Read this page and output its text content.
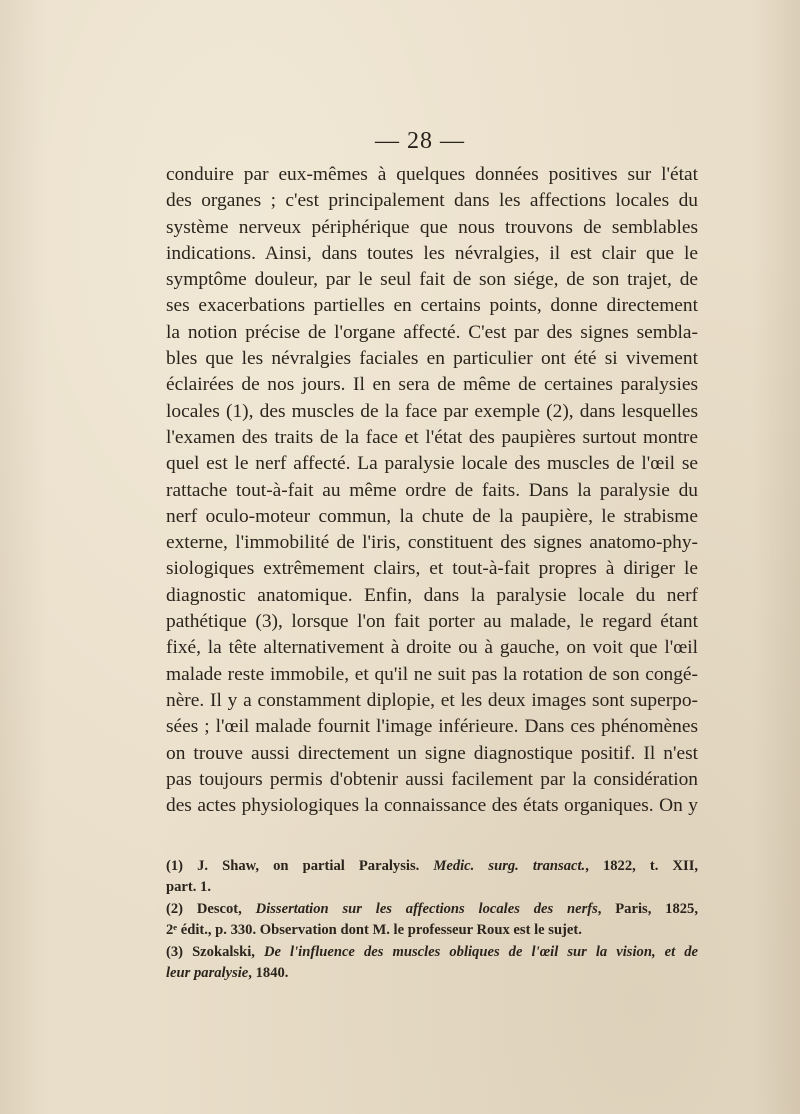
— 28 —
conduire par eux-mêmes à quelques données positives sur l'état
des organes ; c'est principalement dans les affections locales du
système nerveux périphérique que nous trouvons de semblables
indications. Ainsi, dans toutes les névralgies, il est clair que le
symptôme douleur, par le seul fait de son siége, de son trajet, de
ses exacerbations partielles en certains points, donne directement
la notion précise de l'organe affecté. C'est par des signes sembla-
bles que les névralgies faciales en particulier ont été si vivement
éclairées de nos jours. Il en sera de même de certaines paralysies
locales (1), des muscles de la face par exemple (2), dans lesquelles
l'examen des traits de la face et l'état des paupières surtout montre
quel est le nerf affecté. La paralysie locale des muscles de l'œil se
rattache tout-à-fait au même ordre de faits. Dans la paralysie du
nerf oculo-moteur commun, la chute de la paupière, le strabisme
externe, l'immobilité de l'iris, constituent des signes anatomo-phy-
siologiques extrêmement clairs, et tout-à-fait propres à diriger le
diagnostic anatomique. Enfin, dans la paralysie locale du nerf
pathétique (3), lorsque l'on fait porter au malade, le regard étant
fixé, la tête alternativement à droite ou à gauche, on voit que l'œil
malade reste immobile, et qu'il ne suit pas la rotation de son congé-
nère. Il y a constamment diplopie, et les deux images sont superpo-
sées ; l'œil malade fournit l'image inférieure. Dans ces phénomènes
on trouve aussi directement un signe diagnostique positif. Il n'est
pas toujours permis d'obtenir aussi facilement par la considération
des actes physiologiques la connaissance des états organiques. On y
(1) J. Shaw, on partial Paralysis. Medic. surg. transact., 1822, t. XII,
part. 1.
(2) Descot, Dissertation sur les affections locales des nerfs, Paris, 1825,
2ᵉ édit., p. 330. Observation dont M. le professeur Roux est le sujet.
(3) Szokalski, De l'influence des muscles obliques de l'œil sur la vision, et de
leur paralysie, 1840.
